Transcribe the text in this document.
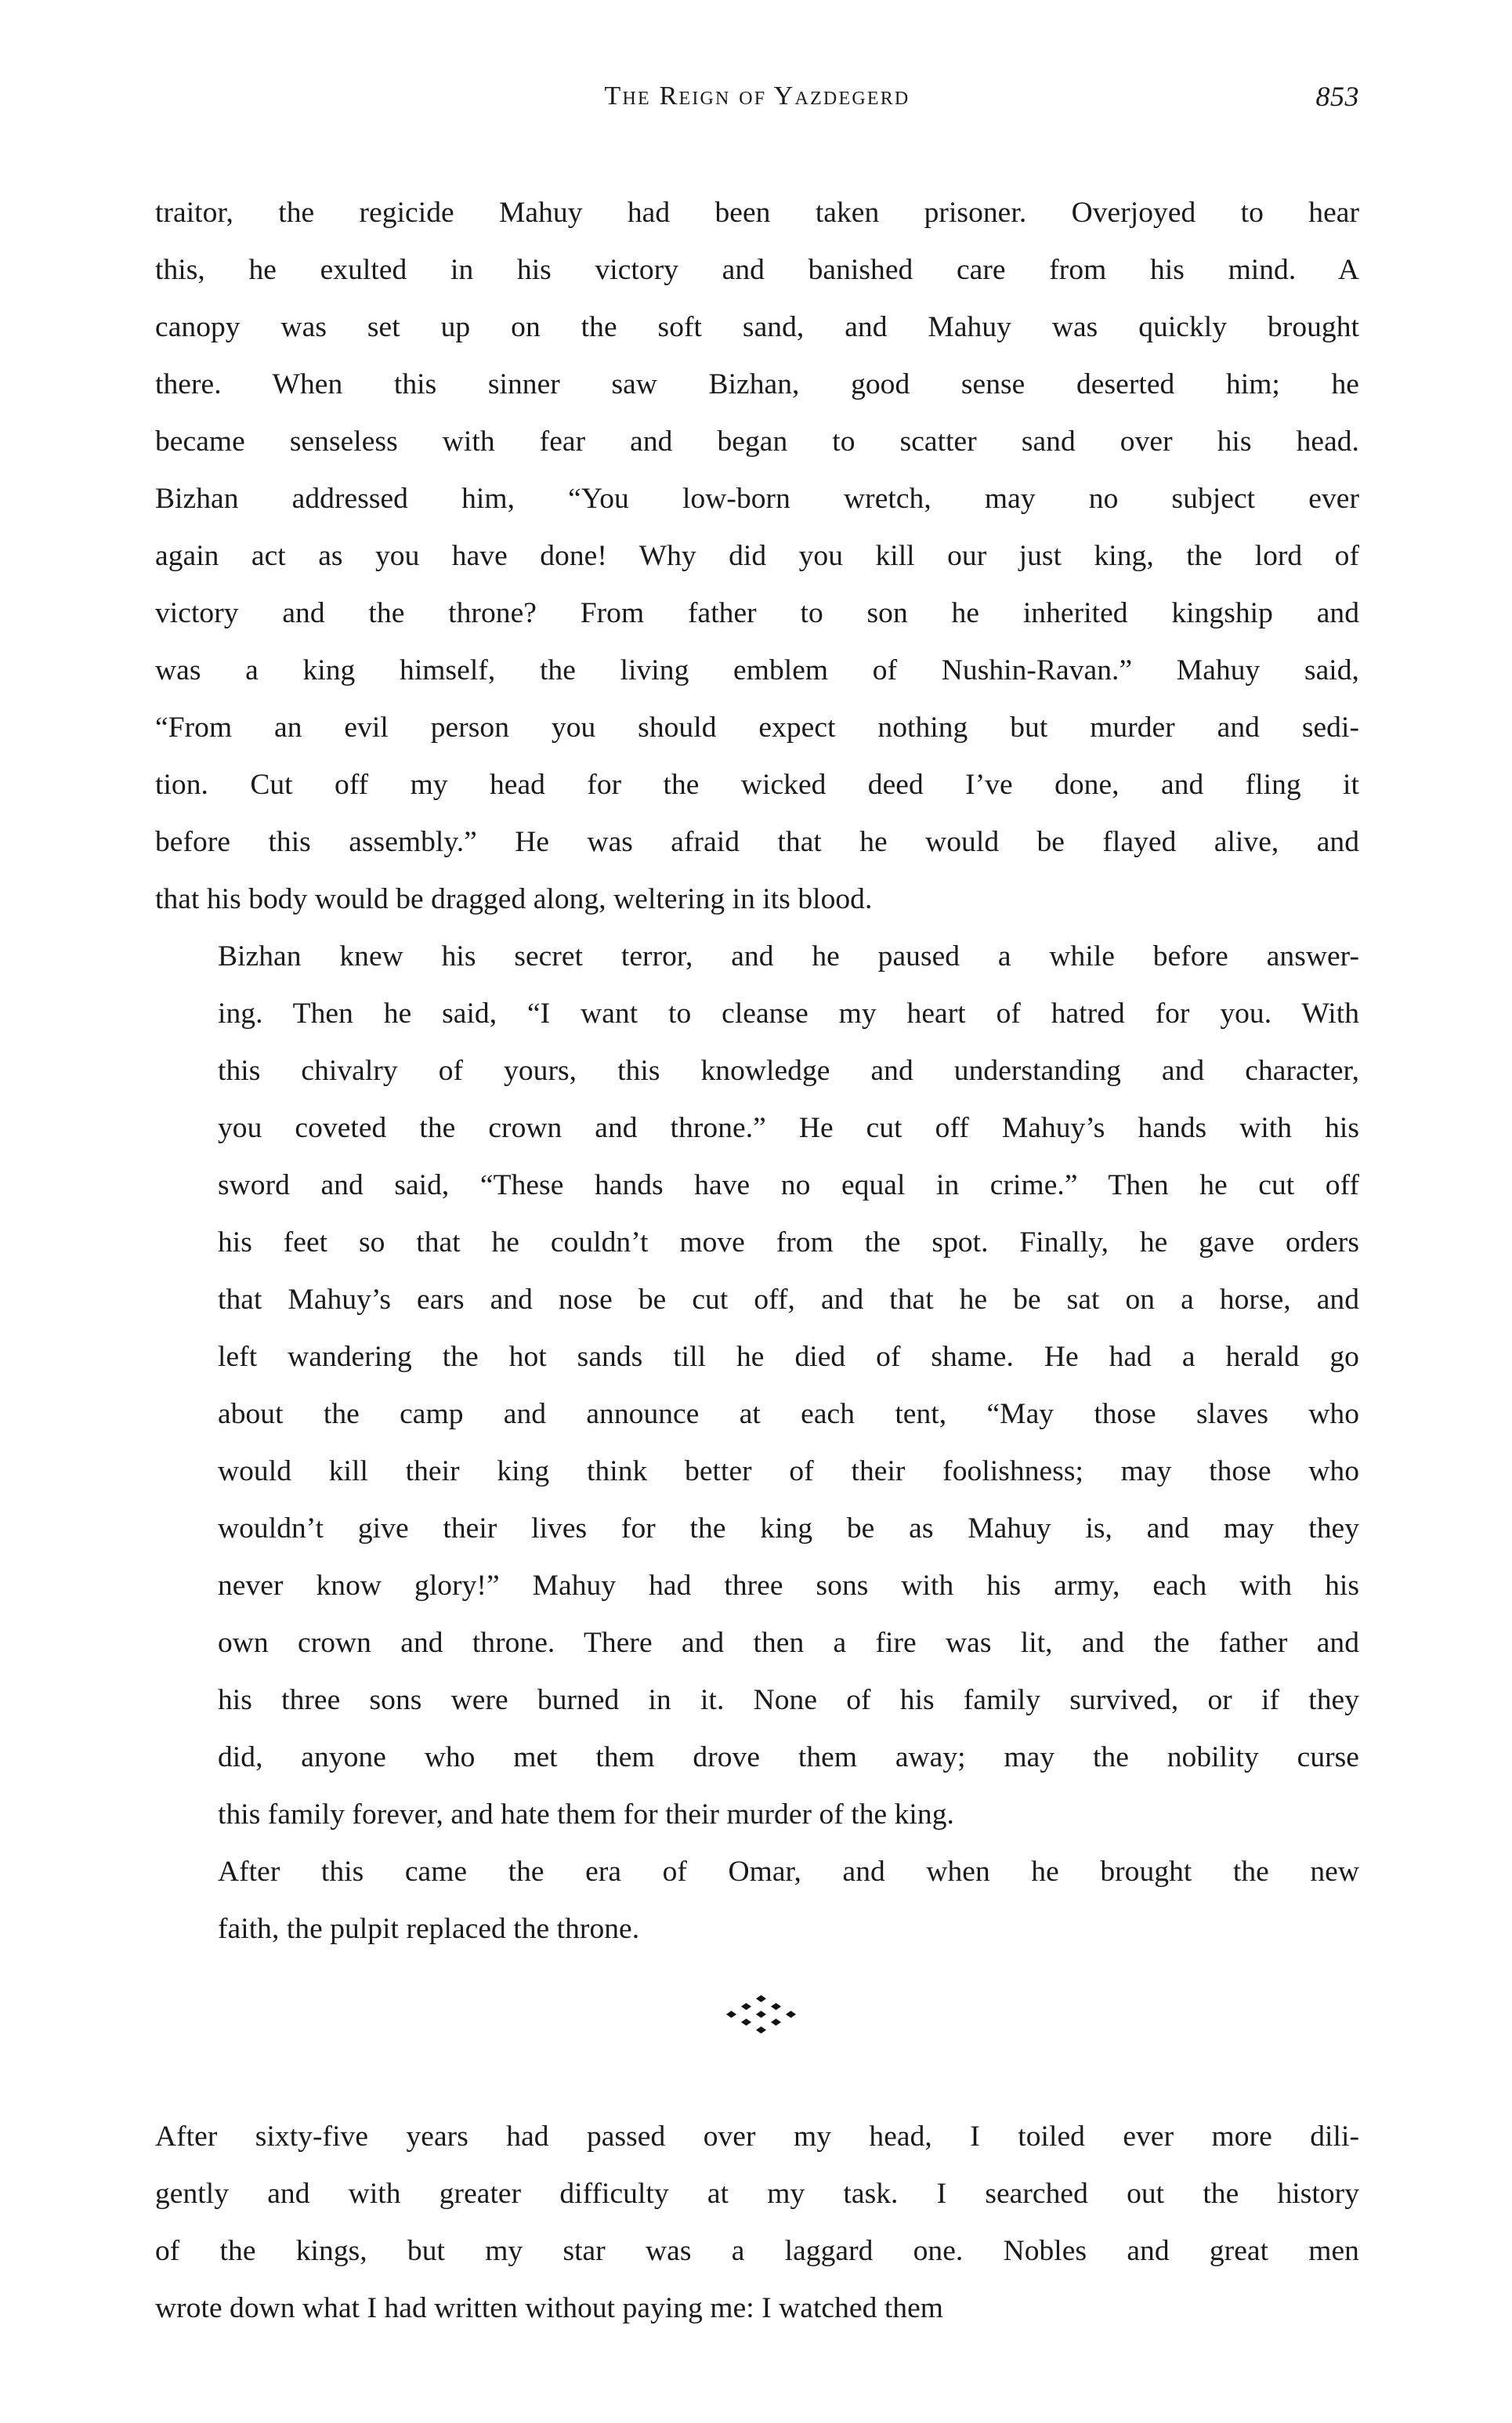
The Reign of Yazdegerd	853

traitor, the regicide Mahuy had been taken prisoner. Overjoyed to hear
this, he exulted in his victory and banished care from his mind. A
canopy was set up on the soft sand, and Mahuy was quickly brought
there. When this sinner saw Bizhan, good sense deserted him; he
became senseless with fear and began to scatter sand over his head.
Bizhan addressed him, “You low-born wretch, may no subject ever
again act as you have done! Why did you kill our just king, the lord of
victory and the throne? From father to son he inherited kingship and
was a king himself, the living emblem of Nushin-Ravan.” Mahuy said,
“From an evil person you should expect nothing but murder and sedi-
tion. Cut off my head for the wicked deed I’ve done, and fling it
before this assembly.” He was afraid that he would be flayed alive, and
that his body would be dragged along, weltering in its blood.

Bizhan knew his secret terror, and he paused a while before answer-
ing. Then he said, “I want to cleanse my heart of hatred for you. With
this chivalry of yours, this knowledge and understanding and character,
you coveted the crown and throne.” He cut off Mahuy’s hands with his
sword and said, “These hands have no equal in crime.” Then he cut off
his feet so that he couldn’t move from the spot. Finally, he gave orders
that Mahuy’s ears and nose be cut off, and that he be sat on a horse, and
left wandering the hot sands till he died of shame. He had a herald go
about the camp and announce at each tent, “May those slaves who
would kill their king think better of their foolishness; may those who
wouldn’t give their lives for the king be as Mahuy is, and may they
never know glory!” Mahuy had three sons with his army, each with his
own crown and throne. There and then a fire was lit, and the father and
his three sons were burned in it. None of his family survived, or if they
did, anyone who met them drove them away; may the nobility curse
this family forever, and hate them for their murder of the king.

After this came the era of Omar, and when he brought the new
faith, the pulpit replaced the throne.

After sixty-five years had passed over my head, I toiled ever more dili-
gently and with greater difficulty at my task. I searched out the history
of the kings, but my star was a laggard one. Nobles and great men
wrote down what I had written without paying me: I watched them
